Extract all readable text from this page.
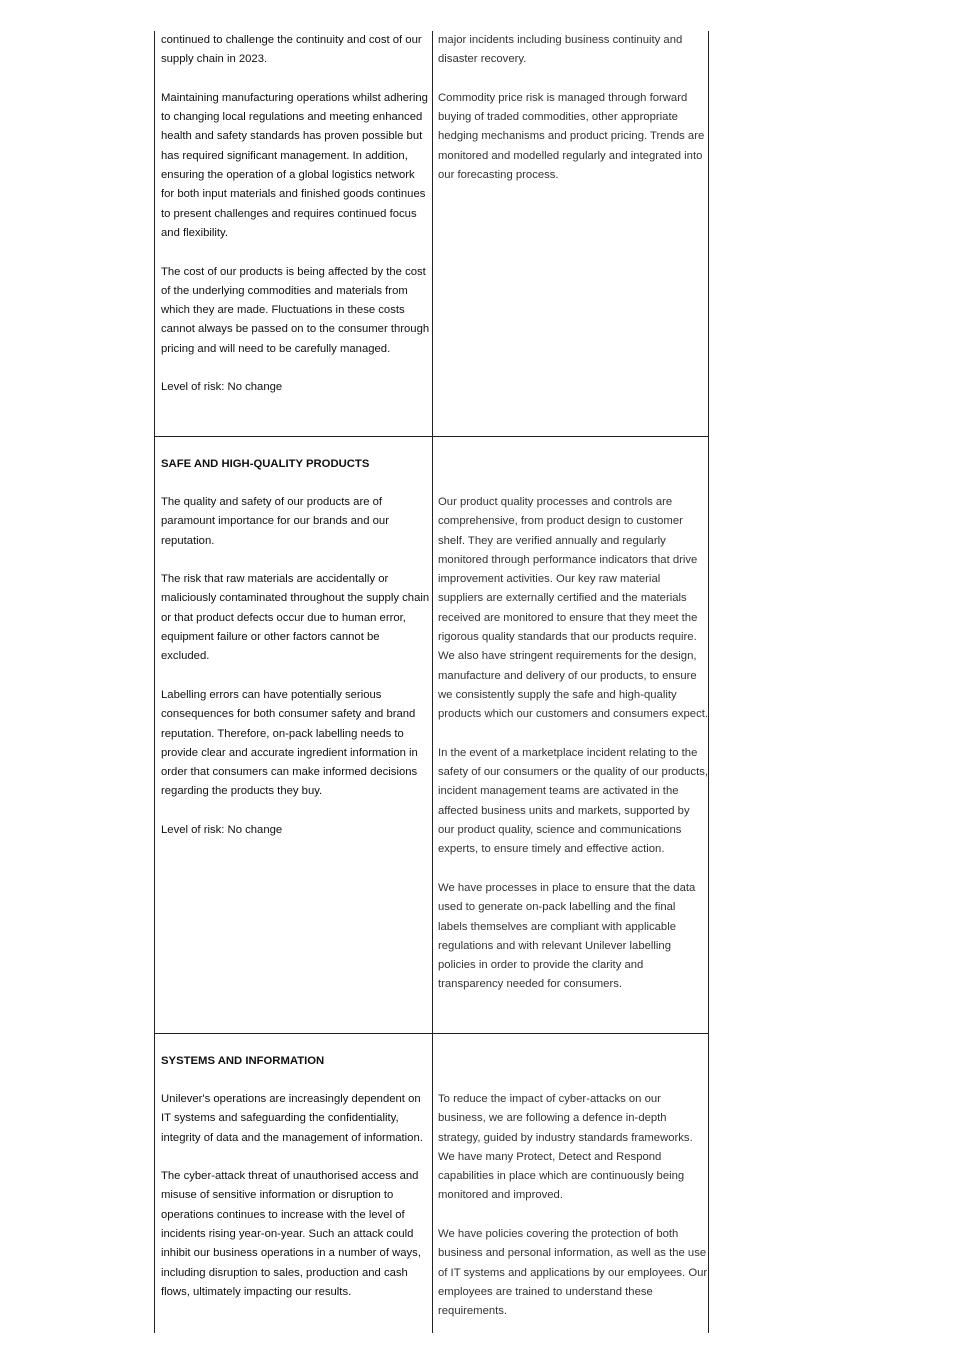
continued to challenge the continuity and cost of our supply chain in 2023.

Maintaining manufacturing operations whilst adhering to changing local regulations and meeting enhanced health and safety standards has proven possible but has required significant management. In addition, ensuring the operation of a global logistics network for both input materials and finished goods continues to present challenges and requires continued focus and flexibility.

The cost of our products is being affected by the cost of the underlying commodities and materials from which they are made. Fluctuations in these costs cannot always be passed on to the consumer through pricing and will need to be carefully managed.

Level of risk: No change
major incidents including business continuity and disaster recovery.

Commodity price risk is managed through forward buying of traded commodities, other appropriate hedging mechanisms and product pricing. Trends are monitored and modelled regularly and integrated into our forecasting process.
SAFE AND HIGH-QUALITY PRODUCTS
The quality and safety of our products are of paramount importance for our brands and our reputation.

The risk that raw materials are accidentally or maliciously contaminated throughout the supply chain or that product defects occur due to human error, equipment failure or other factors cannot be excluded.

Labelling errors can have potentially serious consequences for both consumer safety and brand reputation. Therefore, on-pack labelling needs to provide clear and accurate ingredient information in order that consumers can make informed decisions regarding the products they buy.

Level of risk: No change
Our product quality processes and controls are comprehensive, from product design to customer shelf. They are verified annually and regularly monitored through performance indicators that drive improvement activities. Our key raw material suppliers are externally certified and the materials received are monitored to ensure that they meet the rigorous quality standards that our products require. We also have stringent requirements for the design, manufacture and delivery of our products, to ensure we consistently supply the safe and high-quality products which our customers and consumers expect.

In the event of a marketplace incident relating to the safety of our consumers or the quality of our products, incident management teams are activated in the affected business units and markets, supported by our product quality, science and communications experts, to ensure timely and effective action.

We have processes in place to ensure that the data used to generate on-pack labelling and the final labels themselves are compliant with applicable regulations and with relevant Unilever labelling policies in order to provide the clarity and transparency needed for consumers.
SYSTEMS AND INFORMATION
Unilever's operations are increasingly dependent on IT systems and safeguarding the confidentiality, integrity of data and the management of information.

The cyber-attack threat of unauthorised access and misuse of sensitive information or disruption to operations continues to increase with the level of incidents rising year-on-year. Such an attack could inhibit our business operations in a number of ways, including disruption to sales, production and cash flows, ultimately impacting our results.
To reduce the impact of cyber-attacks on our business, we are following a defence in-depth strategy, guided by industry standards frameworks. We have many Protect, Detect and Respond capabilities in place which are continuously being monitored and improved.

We have policies covering the protection of both business and personal information, as well as the use of IT systems and applications by our employees. Our employees are trained to understand these requirements.
